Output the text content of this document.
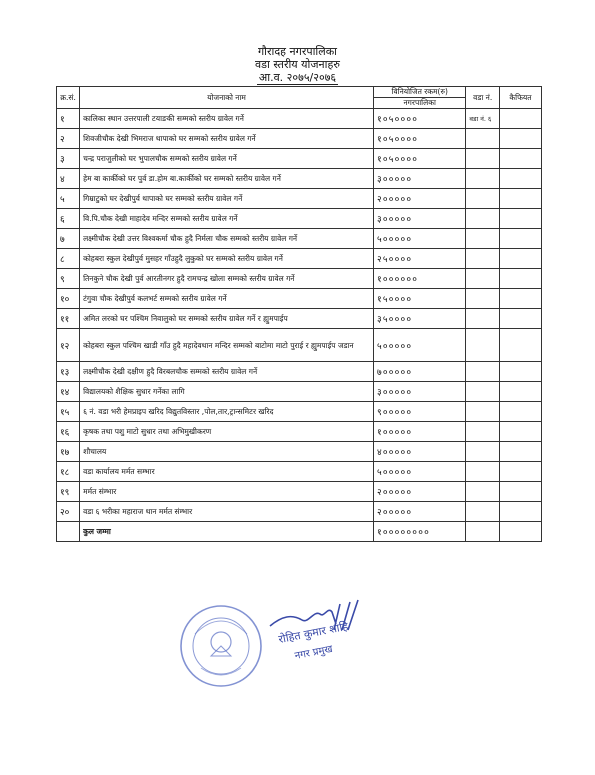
गौरादह नगरपालिका
वडा स्तरीय योजनाहरु
आ.व. २०७५/२०७६
क्र.सं.	योजनाको नाम	विनियोजित रकम(रु)	वडा नं.	कैफियत
		नगरपालिका		
१	कालिका स्थान उत्तरपाली टयाङकी सम्मको स्तरीय ग्रावेल गर्ने	१०५००००	वडा नं. ६	
२	शिवजीचौक देखी भिमराज थापाको घर सम्मको स्तरीय ग्रावेल गर्ने	१०५००००		
३	चन्द्र पराजुलीको घर भुपालचौक सम्मको स्तरीय ग्रावेल गर्ने	१०५००००		
४	हेम बा कार्कीको घर पुर्व डा.होम बा.कार्कीको घर सम्मको स्तरीय ग्रावेल गर्ने	३०००००		
५	गिम्राटुको घर देखीपुर्व थापाको घर सम्मको स्तरीय ग्रावेल गर्ने	२०००००		
६	वि.पि.चौक देखी माहादेव मन्दिर सम्मको स्तरीय ग्रावेल गर्ने	३०००००		
७	लक्ष्मीचौक देखी उत्तर विश्वकर्मा चौक हुदै निर्मला चौक सम्मको स्तरीय ग्रावेल गर्ने	५०००००		
८	कोहबरा स्कुल देखीपुर्व मुसहर गाँउहुदै लुकुको घर सम्मको स्तरीय ग्रावेल गर्ने	२५००००		
९	तिनकुने चौक देखी पुर्व आरतीनगर हुदै रामचन्द्र खोला सम्मको स्तरीय ग्रावेल गर्ने	१००००००		
१०	टंगुवा चौक देखीपुर्व कलभर्ट सम्मको स्तरीय ग्रावेल गर्ने	१५००००		
११	अमित लरको घर पश्चिम निवालुको घर सम्मको स्तरीय ग्रावेल गर्ने र ह्युमपाईप	३५००००		
१२	कोहबरा स्कुल पश्चिम खाडी गाँउ हुदै महादेवथान मन्दिर सम्मको बाटोमा माटो पुराई र ह्युमपाईप जडान	५०००००		
१३	लक्ष्मीचौक देखी दक्षीण हुदै विरबलचौक सम्मको स्तरीय ग्रावेल गर्ने	७०००००		
१४	विद्यालयको शैक्षिक सुधार गर्नेका लागि	३०००००		
१५	६ नं. वडा भरी हेमप्राइप खरिद विद्युतविस्तार ,पोल,तार,ट्रान्समिटर खरिद	९०००००		
१६	कृषक तथा पशु माटो सुधार तथा अभिमुखीकरण	१०००००		
१७	शौचालय	४०००००		
१८	वडा कार्यालय मर्मत सम्भार	५०००००		
१९	मर्मत संम्भार	२०००००		
२०	वडा ६ भरीका महाराज थान मर्मत संम्भार	२०००००		
	कुल जम्मा	१००००००००		
रोहित कुमार शाहि
नगर प्रमुख
